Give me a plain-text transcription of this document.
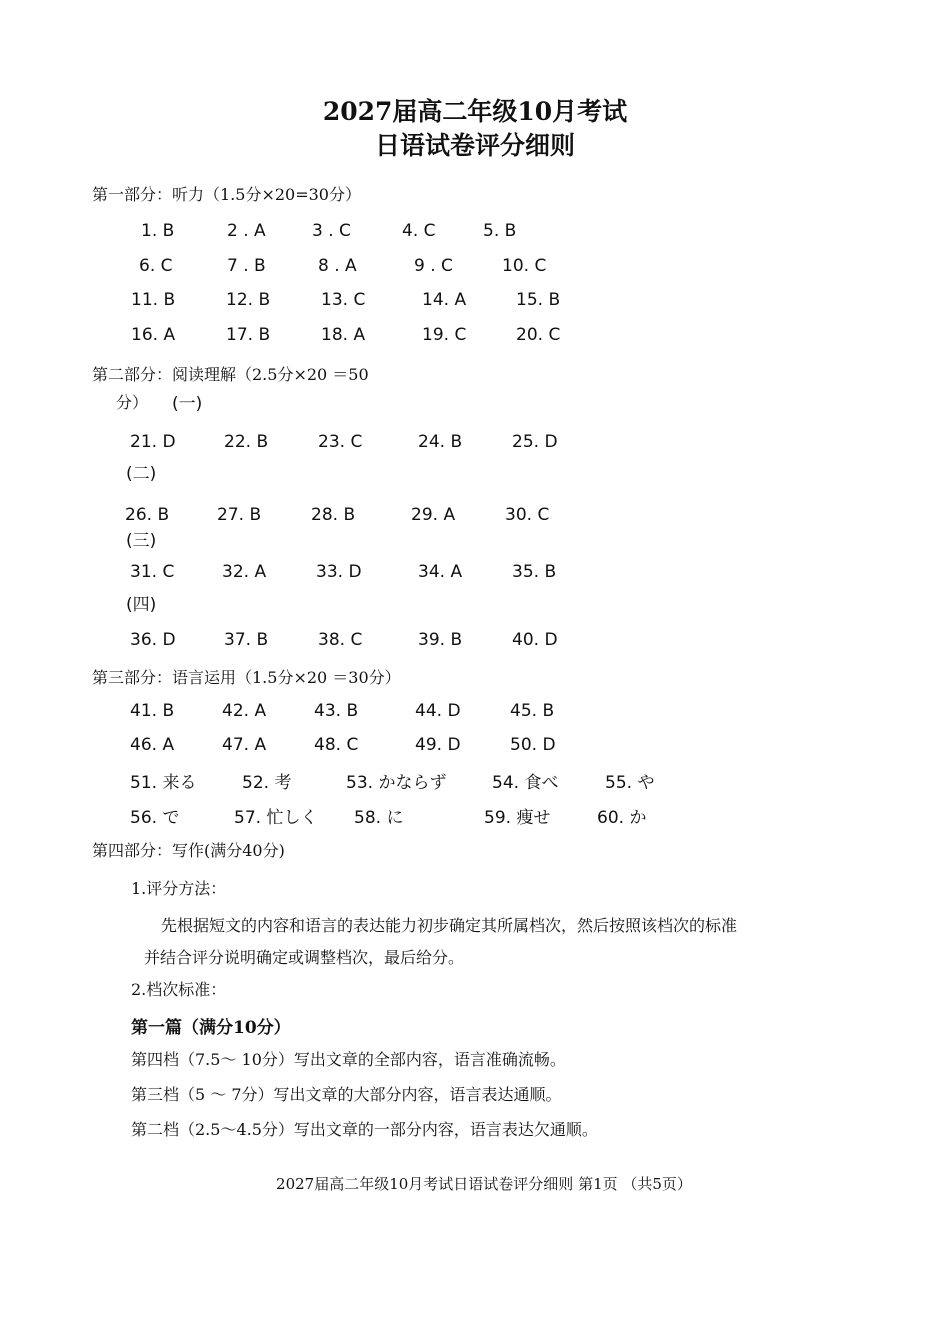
2027届高二年级10月考试
日语试卷评分细则
第一部分：听力（1.5分×20=30分）
1. B	2 . A	3 . C	4. C	5. B
6. C	7 . B	8 . A	9 . C	10. C
11. B	12. B	13. C	14. A	15. B
16. A	17. B	18. A	19. C	20. C
第二部分：阅读理解（2.5分×20 ＝50
分） (一)
21. D	22. B	23. C	24. B	25. D
(二)
26. B	27. B	28. B	29. A	30. C
(三)
31. C	32. A	33. D	34. A	35. B
(四)
36. D	37. B	38. C	39. B	40. D
第三部分：语言运用（1.5分×20 ＝30分）
41. B	42. A	43. B	44. D	45. B
46. A	47. A	48. C	49. D	50. D
51. 来る	52. 考	53. かならず	54. 食べ	55. や
56. で	57. 忙しく 58. に	59. 痩せ	60. か
第四部分：写作(满分40分)
1.评分方法：
先根据短文的内容和语言的表达能力初步确定其所属档次，然后按照该档次的标准
并结合评分说明确定或调整档次，最后给分。
2.档次标准：
第一篇（满分10分）
第四档（7.5～ 10分）写出文章的全部内容，语言准确流畅。
第三档（5 ～ 7分）写出文章的大部分内容，语言表达通顺。
第二档（2.5～4.5分）写出文章的一部分内容，语言表达欠通顺。
2027届高二年级10月考试日语试卷评分细则 第1页 （共5页）
